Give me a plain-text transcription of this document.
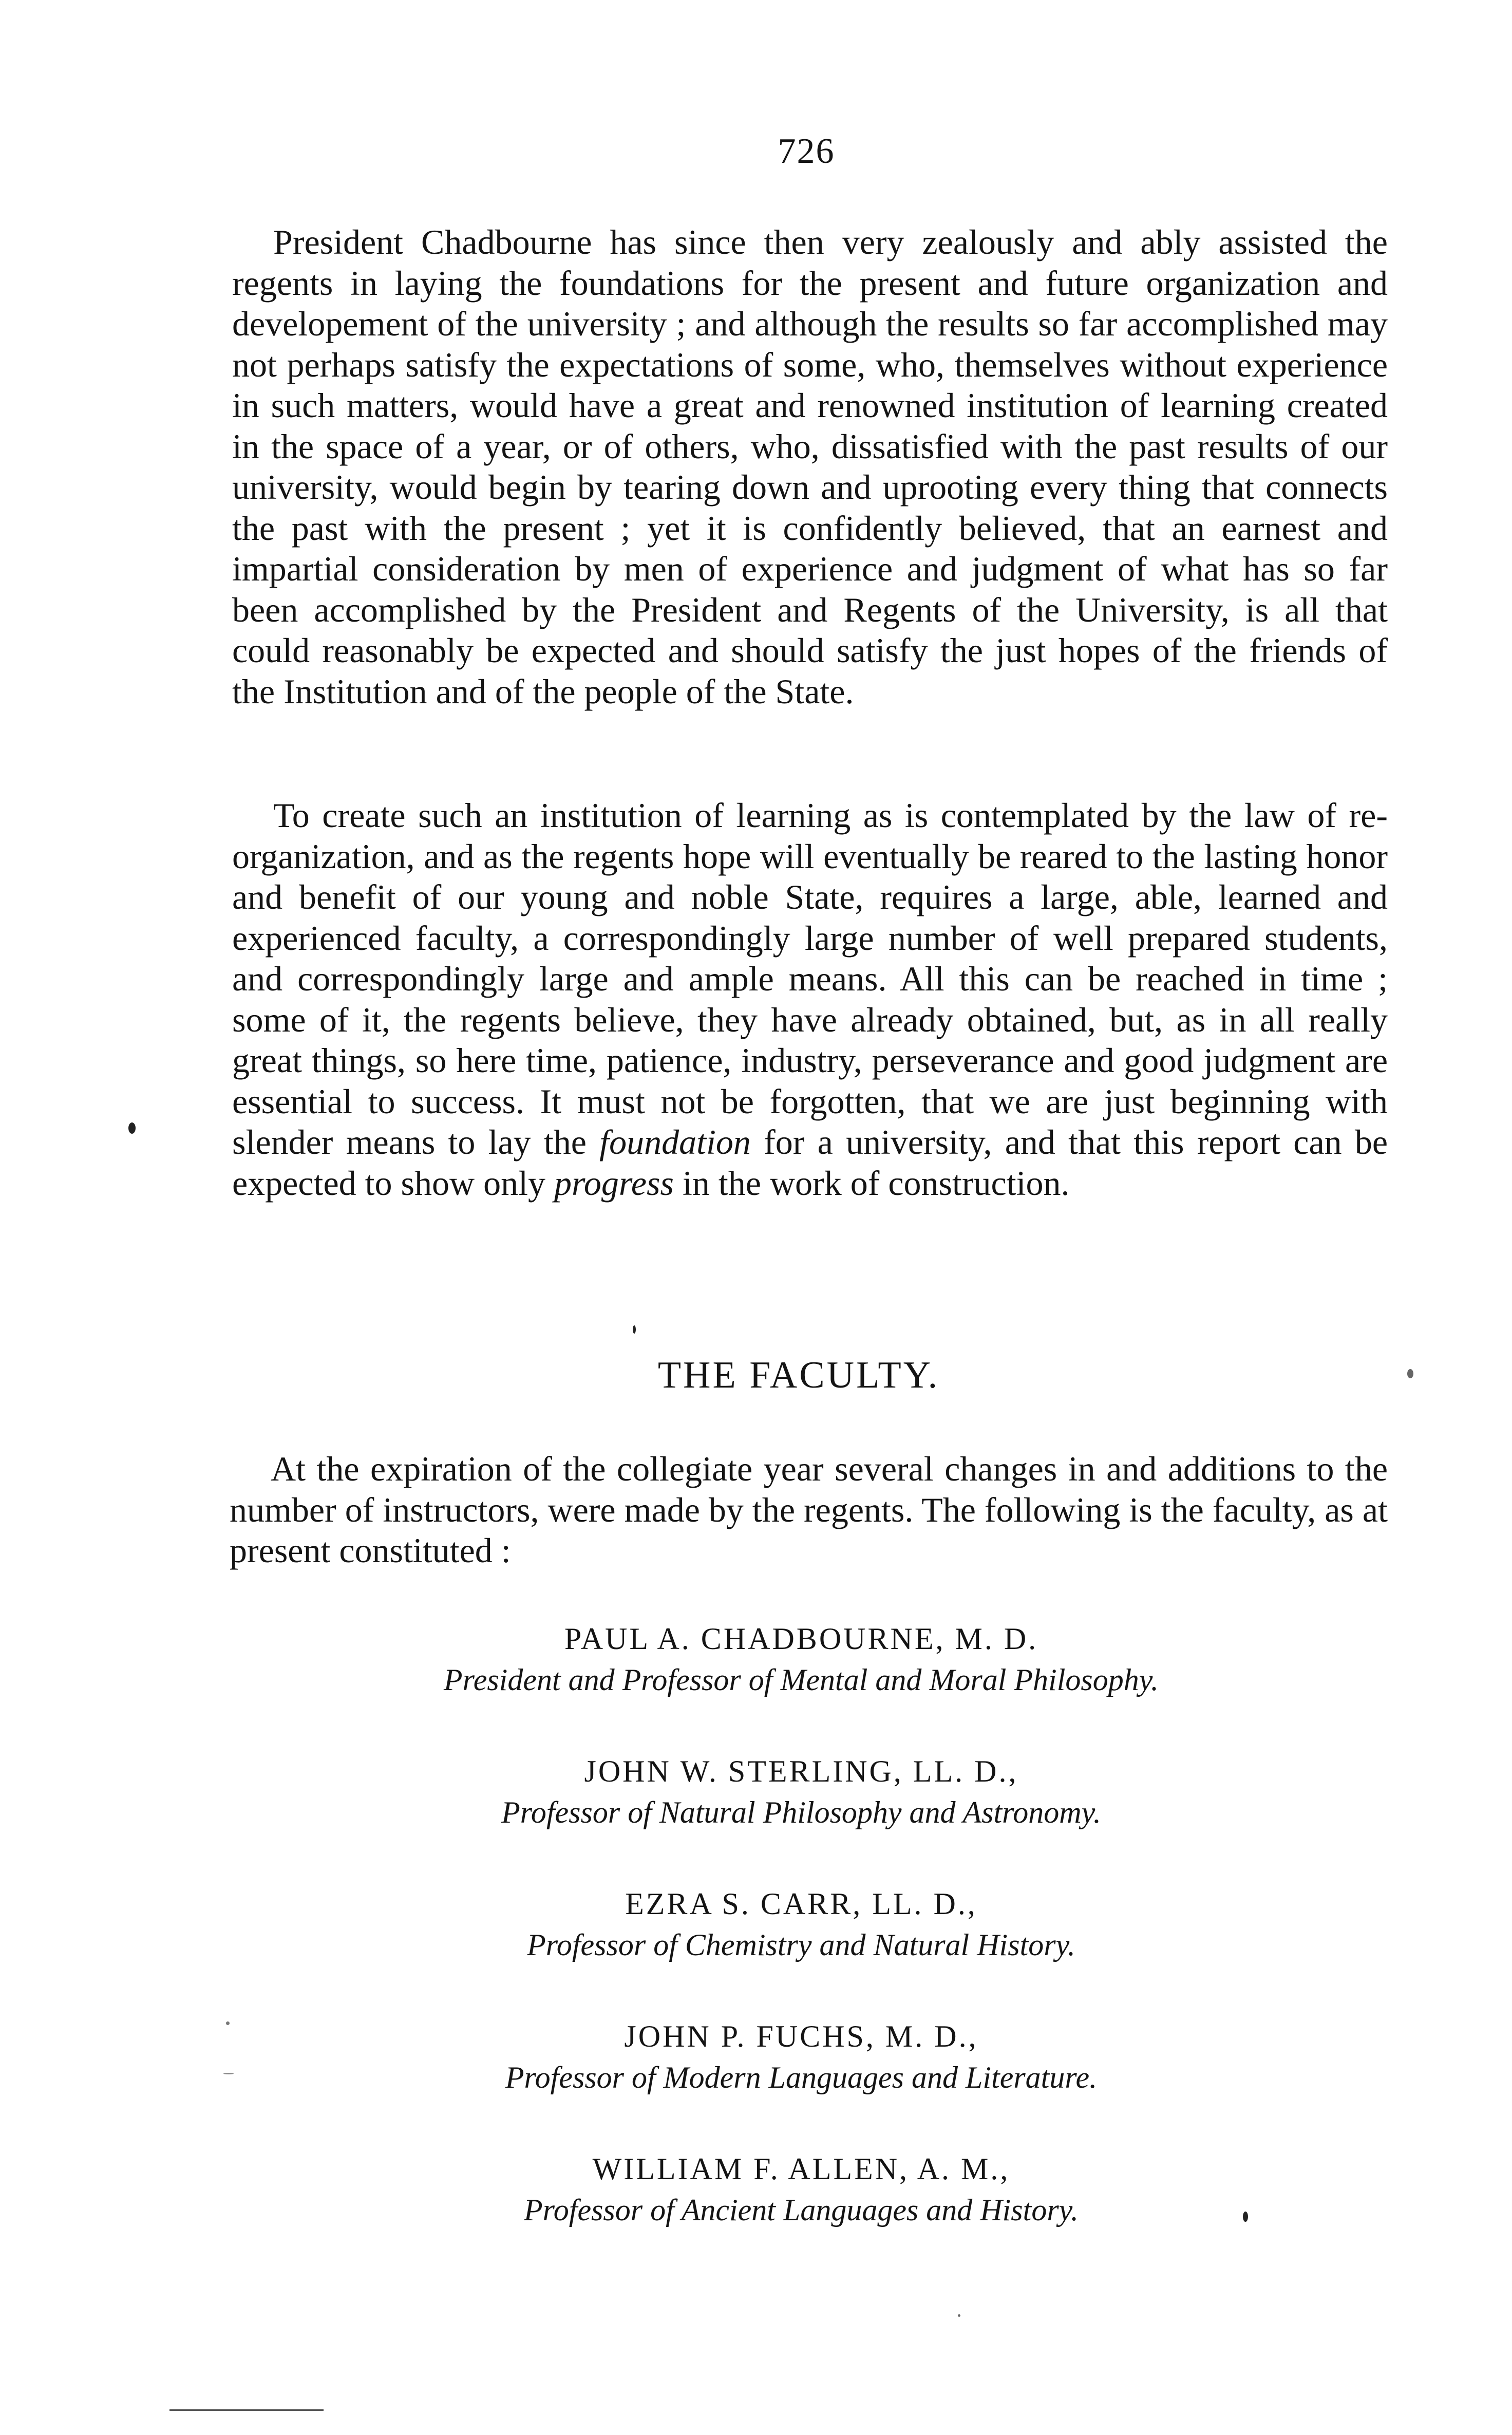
726

President Chadbourne has since then very zealously and ably assisted the regents in laying the foundations for the present and future organization and developement of the university ; and although the results so far accomplished may not perhaps satisfy the expectations of some, who, themselves without experience in such matters, would have a great and renowned institution of learning created in the space of a year, or of others, who, dissatisfied with the past results of our university, would begin by tearing down and uprooting every thing that connects the past with the present ; yet it is confidently believed, that an earnest and impartial consideration by men of experience and judgment of what has so far been accomplished by the President and Regents of the University, is all that could reasonably be expected and should satisfy the just hopes of the friends of the Institution and of the people of the State.

To create such an institution of learning as is contemplated by the law of re-organization, and as the regents hope will eventually be reared to the lasting honor and benefit of our young and noble State, requires a large, able, learned and experienced faculty, a correspondingly large number of well prepared students, and correspondingly large and ample means. All this can be reached in time ; some of it, the regents believe, they have already obtained, but, as in all really great things, so here time, patience, industry, perseverance and good judgment are essential to success. It must not be forgotten, that we are just beginning with slender means to lay the foundation for a university, and that this report can be expected to show only progress in the work of construction.

THE FACULTY.

At the expiration of the collegiate year several changes in and additions to the number of instructors, were made by the regents. The following is the faculty, as at present constituted :

PAUL A. CHADBOURNE, M. D.
President and Professor of Mental and Moral Philosophy.
JOHN W. STERLING, LL. D.,
Professor of Natural Philosophy and Astronomy.
EZRA S. CARR, LL. D.,
Professor of Chemistry and Natural History.
JOHN P. FUCHS, M. D.,
Professor of Modern Languages and Literature.
WILLIAM F. ALLEN, A. M.,
Professor of Ancient Languages and History.
